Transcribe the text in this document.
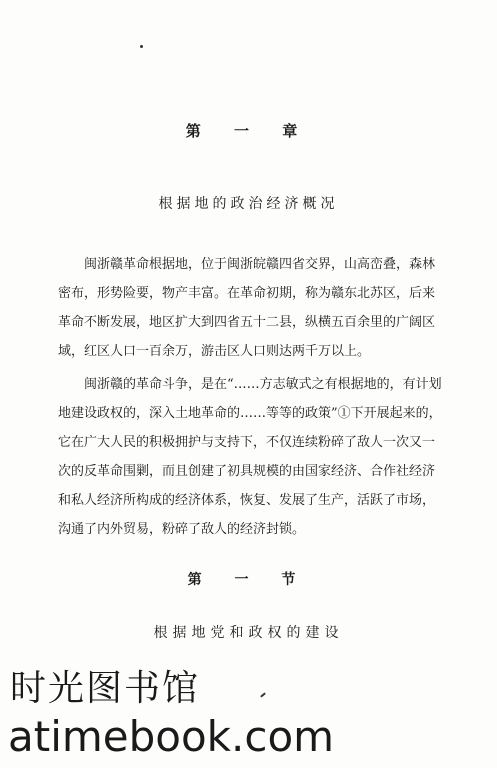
第 一 章
根据地的政治经济概况
闽浙赣革命根据地，位于闽浙皖赣四省交界，山高峦叠，森林
密布，形势险要，物产丰富。在革命初期，称为赣东北苏区，后来
革命不断发展，地区扩大到四省五十二县，纵横五百余里的广阔区
域，红区人口一百余万，游击区人口则达两千万以上。
闽浙赣的革命斗争，是在“……方志敏式之有根据地的，有计划
地建设政权的，深入土地革命的……等等的政策”①下开展起来的，
它在广大人民的积极拥护与支持下，不仅连续粉碎了敌人一次又一
次的反革命围剿，而且创建了初具规模的由国家经济、合作社经济
和私人经济所构成的经济体系，恢复、发展了生产，活跃了市场，
沟通了内外贸易，粉碎了敌人的经济封锁。
第 一 节
根据地党和政权的建设
时光图书馆
atimebook.com
